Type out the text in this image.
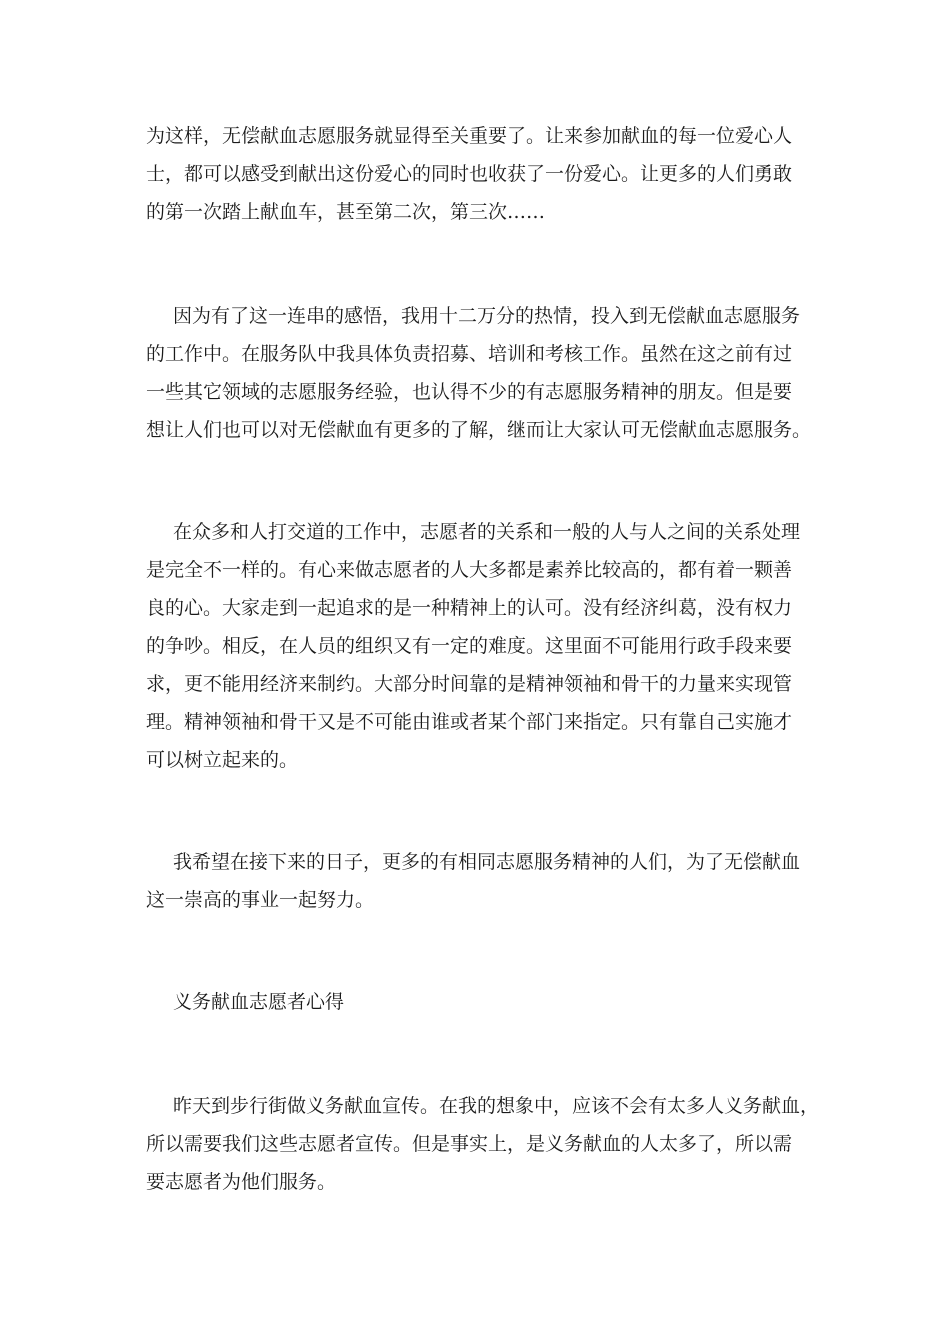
为这样，无偿献血志愿服务就显得至关重要了。让来参加献血的每一位爱心人
士，都可以感受到献出这份爱心的同时也收获了一份爱心。让更多的人们勇敢
的第一次踏上献血车，甚至第二次，第三次……
因为有了这一连串的感悟，我用十二万分的热情，投入到无偿献血志愿服务
的工作中。在服务队中我具体负责招募、培训和考核工作。虽然在这之前有过
一些其它领域的志愿服务经验，也认得不少的有志愿服务精神的朋友。但是要
想让人们也可以对无偿献血有更多的了解，继而让大家认可无偿献血志愿服务。
在众多和人打交道的工作中，志愿者的关系和一般的人与人之间的关系处理
是完全不一样的。有心来做志愿者的人大多都是素养比较高的，都有着一颗善
良的心。大家走到一起追求的是一种精神上的认可。没有经济纠葛，没有权力
的争吵。相反，在人员的组织又有一定的难度。这里面不可能用行政手段来要
求，更不能用经济来制约。大部分时间靠的是精神领袖和骨干的力量来实现管
理。精神领袖和骨干又是不可能由谁或者某个部门来指定。只有靠自己实施才
可以树立起来的。
我希望在接下来的日子，更多的有相同志愿服务精神的人们，为了无偿献血
这一崇高的事业一起努力。
义务献血志愿者心得
昨天到步行街做义务献血宣传。在我的想象中，应该不会有太多人义务献血，
所以需要我们这些志愿者宣传。但是事实上，是义务献血的人太多了，所以需
要志愿者为他们服务。
